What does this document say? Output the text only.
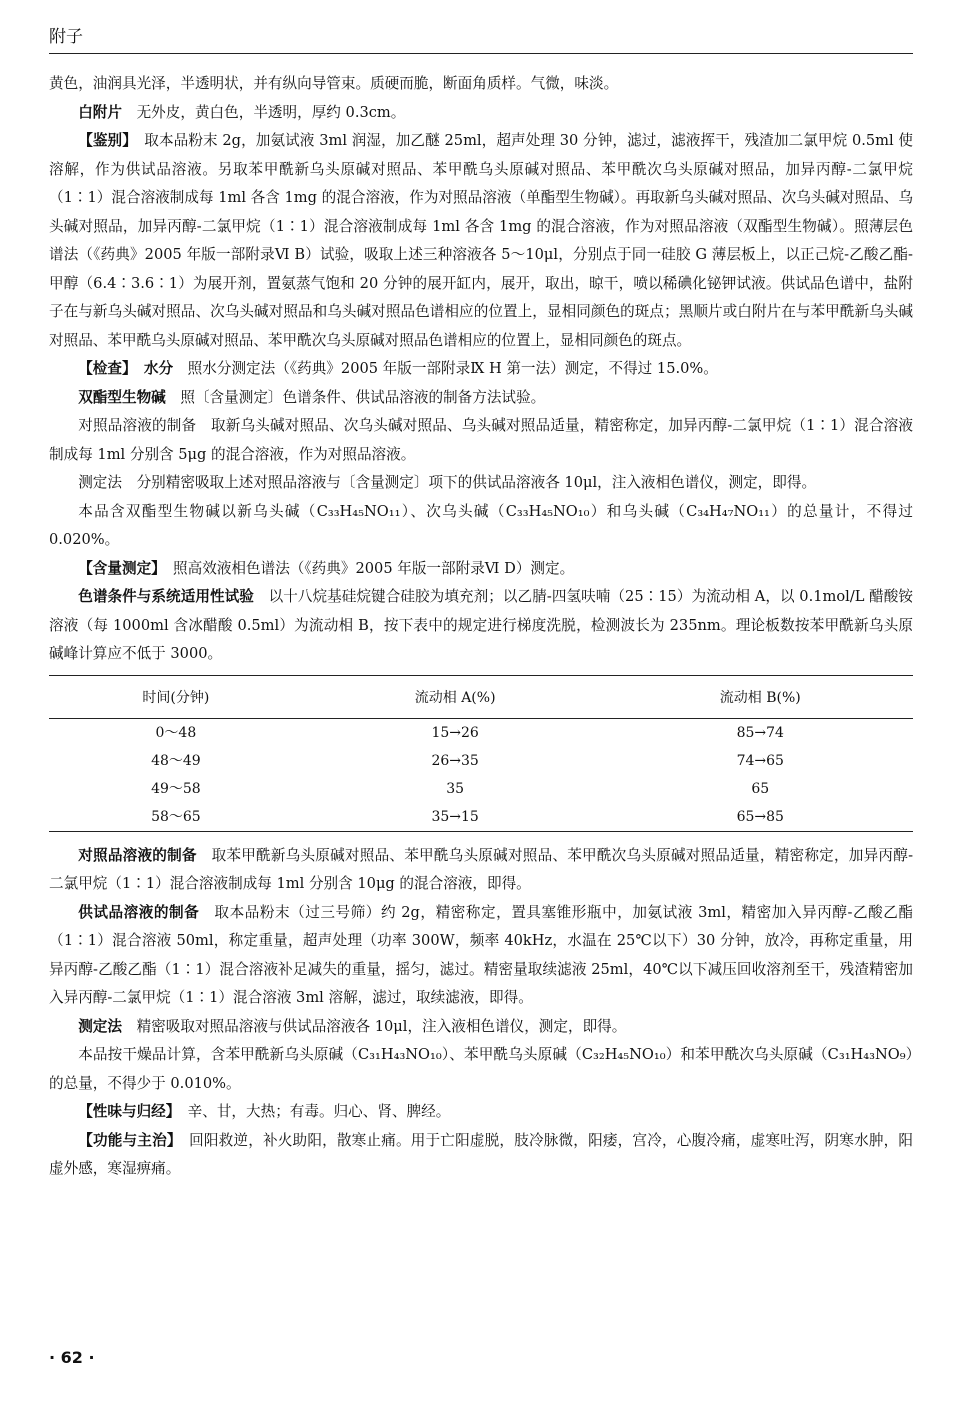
附子

黄色，油润具光泽，半透明状，并有纵向导管束。质硬而脆，断面角质样。气微，味淡。

白附片　无外皮，黄白色，半透明，厚约 0.3cm。

【鉴别】　取本品粉末 2g，加氨试液 3ml 润湿，加乙醚 25ml，超声处理 30 分钟，滤过，滤液挥干，残渣加二氯甲烷 0.5ml 使溶解，作为供试品溶液。另取苯甲酰新乌头原碱对照品、苯甲酰乌头原碱对照品、苯甲酰次乌头原碱对照品，加异丙醇-二氯甲烷（1∶1）混合溶液制成每 1ml 各含 1mg 的混合溶液，作为对照品溶液（单酯型生物碱）。再取新乌头碱对照品、次乌头碱对照品、乌头碱对照品，加异丙醇-二氯甲烷（1∶1）混合溶液制成每 1ml 各含 1mg 的混合溶液，作为对照品溶液（双酯型生物碱）。照薄层色谱法（《药典》2005 年版一部附录Ⅵ B）试验，吸取上述三种溶液各 5～10μl，分别点于同一硅胶 G 薄层板上，以正己烷-乙酸乙酯-甲醇（6.4∶3.6∶1）为展开剂，置氨蒸气饱和 20 分钟的展开缸内，展开，取出，晾干，喷以稀碘化铋钾试液。供试品色谱中，盐附子在与新乌头碱对照品、次乌头碱对照品和乌头碱对照品色谱相应的位置上，显相同颜色的斑点；黑顺片或白附片在与苯甲酰新乌头碱对照品、苯甲酰乌头原碱对照品、苯甲酰次乌头原碱对照品色谱相应的位置上，显相同颜色的斑点。

【检查】　 水分　照水分测定法（《药典》2005 年版一部附录Ⅸ H 第一法）测定，不得过 15.0%。

双酯型生物碱　照〔含量测定〕色谱条件、供试品溶液的制备方法试验。

对照品溶液的制备　取新乌头碱对照品、次乌头碱对照品、乌头碱对照品适量，精密称定，加异丙醇-二氯甲烷（1∶1）混合溶液制成每 1ml 分别含 5μg 的混合溶液，作为对照品溶液。

测定法　分别精密吸取上述对照品溶液与〔含量测定〕项下的供试品溶液各 10μl，注入液相色谱仪，测定，即得。

本品含双酯型生物碱以新乌头碱（C₃₃H₄₅NO₁₁）、次乌头碱（C₃₃H₄₅NO₁₀）和乌头碱（C₃₄H₄₇NO₁₁）的总量计，不得过 0.020%。

【含量测定】　照高效液相色谱法（《药典》2005 年版一部附录Ⅵ D）测定。

色谱条件与系统适用性试验　以十八烷基硅烷键合硅胶为填充剂；以乙腈-四氢呋喃（25∶15）为流动相 A，以 0.1mol/L 醋酸铵溶液（每 1000ml 含冰醋酸 0.5ml）为流动相 B，按下表中的规定进行梯度洗脱，检测波长为 235nm。理论板数按苯甲酰新乌头原碱峰计算应不低于 3000。

时间(分钟)	流动相 A(%)	流动相 B(%)
0～48	15→26	85→74
48～49	26→35	74→65
49～58	35	65
58～65	35→15	65→85

对照品溶液的制备　取苯甲酰新乌头原碱对照品、苯甲酰乌头原碱对照品、苯甲酰次乌头原碱对照品适量，精密称定，加异丙醇-二氯甲烷（1∶1）混合溶液制成每 1ml 分别含 10μg 的混合溶液，即得。

供试品溶液的制备　取本品粉末（过三号筛）约 2g，精密称定，置具塞锥形瓶中，加氨试液 3ml，精密加入异丙醇-乙酸乙酯（1∶1）混合溶液 50ml，称定重量，超声处理（功率 300W，频率 40kHz，水温在 25℃以下）30 分钟，放冷，再称定重量，用异丙醇-乙酸乙酯（1∶1）混合溶液补足减失的重量，摇匀，滤过。精密量取续滤液 25ml，40℃以下减压回收溶剂至干，残渣精密加入异丙醇-二氯甲烷（1∶1）混合溶液 3ml 溶解，滤过，取续滤液，即得。

测定法　精密吸取对照品溶液与供试品溶液各 10μl，注入液相色谱仪，测定，即得。

本品按干燥品计算，含苯甲酰新乌头原碱（C₃₁H₄₃NO₁₀）、苯甲酰乌头原碱（C₃₂H₄₅NO₁₀）和苯甲酰次乌头原碱（C₃₁H₄₃NO₉）的总量，不得少于 0.010%。

【性味与归经】　辛、甘，大热；有毒。归心、肾、脾经。

【功能与主治】　回阳救逆，补火助阳，散寒止痛。用于亡阳虚脱，肢冷脉微，阳痿，宫冷，心腹冷痛，虚寒吐泻，阴寒水肿，阳虚外感，寒湿痹痛。

· 62 ·
